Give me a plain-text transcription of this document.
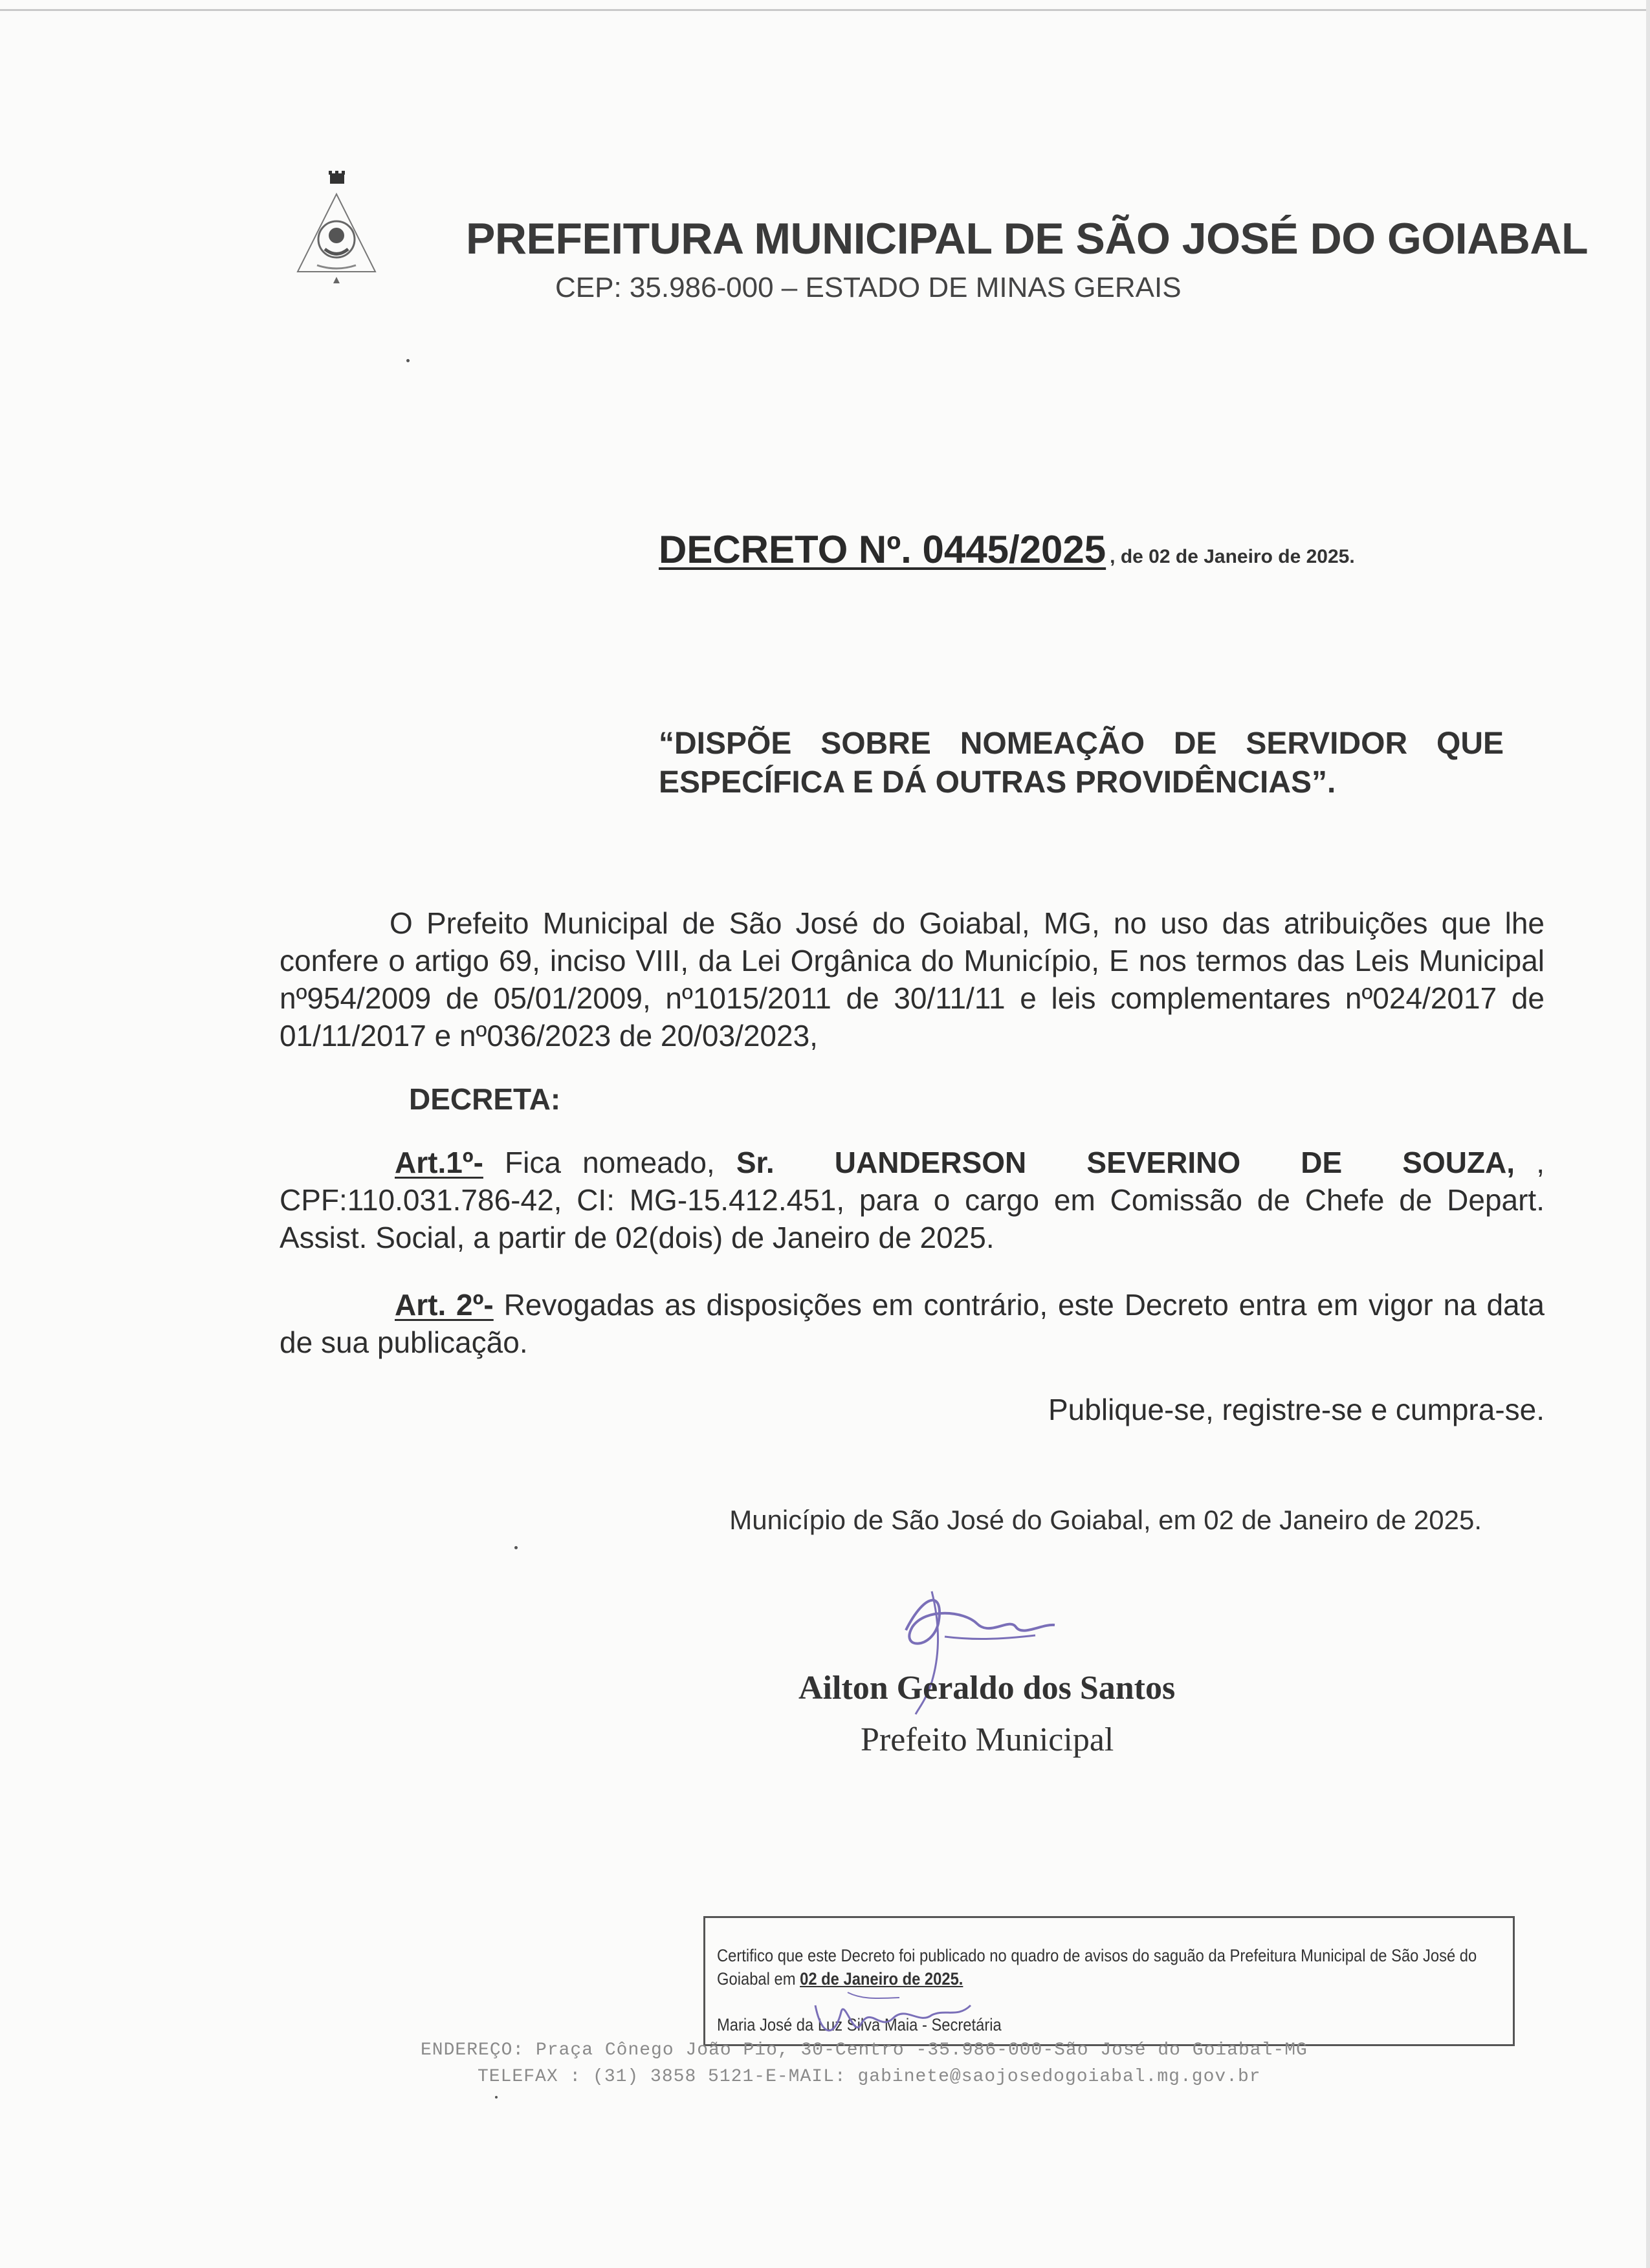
PREFEITURA MUNICIPAL DE SÃO JOSÉ DO GOIABAL
CEP: 35.986-000 – ESTADO DE MINAS GERAIS
DECRETO Nº. 0445/2025 , de 02 de Janeiro de 2025.
“DISPÕE SOBRE NOMEAÇÃO DE SERVIDOR QUE ESPECÍFICA E DÁ OUTRAS PROVIDÊNCIAS”.

O Prefeito Municipal de São José do Goiabal, MG, no uso das atribuições que lhe confere o artigo 69, inciso VIII, da Lei Orgânica do Município, E nos termos das Leis Municipal nº954/2009 de 05/01/2009, nº1015/2011 de 30/11/11 e leis complementares nº024/2017 de 01/11/2017 e nº036/2023 de 20/03/2023,

DECRETA:

Art.1º- Fica nomeado, Sr. UANDERSON SEVERINO DE SOUZA, , CPF:110.031.786-42, CI: MG-15.412.451, para o cargo em Comissão de Chefe de Depart. Assist. Social, a partir de 02(dois) de Janeiro de 2025.

Art. 2º- Revogadas as disposições em contrário, este Decreto entra em vigor na data de sua publicação.

Publique-se, registre-se e cumpra-se.
Município de São José do Goiabal, em 02 de Janeiro de 2025.
Ailton Geraldo dos Santos
Prefeito Municipal
Certifico que este Decreto foi publicado no quadro de avisos do saguão da Prefeitura Municipal de São José do Goiabal em 02 de Janeiro de 2025.
Maria José da Luz Silva Maia - Secretária
ENDEREÇO: Praça Cônego João Pio, 30-Centro -35.986-000-São José do Goiabal-MG
TELEFAX : (31) 3858 5121-E-MAIL: gabinete@saojosedogoiabal.mg.gov.br
